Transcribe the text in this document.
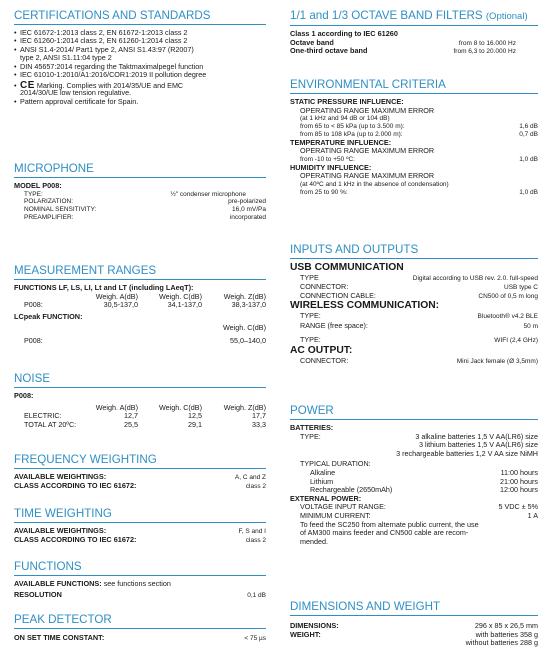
CERTIFICATIONS AND STANDARDS
• IEC 61672-1:2013 class 2, EN 61672-1:2013 class 2
• IEC 61260-1:2014 class 2, EN 61260-1:2014 class 2
• ANSI S1.4-2014/ Part1 type 2, ANSI S1.43:97 (R2007)
type 2, ANSI S1.11:04 type 2
• DIN 45657:2014 regarding the Taktmaximalpegel function
• IEC 61010-1:2010/A1:2016/COR1:2019 II pollution degree
• CE Marking. Complies with 2014/35/UE and EMC
2014/30/UE low tension regulative.
• Pattern approval certificate for Spain.
MICROPHONE
MODEL P008:
TYPE:	½" condenser microphone
POLARIZATION:	pre-polarized
NOMINAL SENSITIVITY:	16,0 mV/Pa
PREAMPLIFIER:	incorporated
MEASUREMENT RANGES
FUNCTIONS LF, LS, LI, Lt and LT (including LAeqT):
Weigh. A(dB)	Weigh. C(dB)	Weigh. Z(dB)
P008:	30,5-137,0	34,1-137,0	38,3-137,0
LCpeak FUNCTION:
Weigh. C(dB)
P008:	55,0–140,0
NOISE
P008:
Weigh. A(dB)	Weigh. C(dB)	Weigh. Z(dB)
ELECTRIC:	12,7	12,5	17,7
TOTAL AT 20ºC:	25,5	29,1	33,3
FREQUENCY WEIGHTING
AVAILABLE WEIGHTINGS:	A, C and Z
CLASS ACCORDING TO IEC 61672:	class 2
TIME WEIGHTING
AVAILABLE WEIGHTINGS:	F, S and I
CLASS ACCORDING TO IEC 61672:	class 2
FUNCTIONS
AVAILABLE FUNCTIONS: see functions section
RESOLUTION	0,1 dB
PEAK DETECTOR
ON SET TIME CONSTANT:	< 75 µs
1/1 and 1/3 OCTAVE BAND FILTERS (Optional)
Class 1 according to IEC 61260
Octave band	from 8 to 16.000 Hz
One-third octave band	from 6,3 to 20.000 Hz
ENVIRONMENTAL CRITERIA
STATIC PRESSURE INFLUENCE:
OPERATING RANGE MAXIMUM ERROR
(at 1 kHz and 94 dB or 104 dB)
from 65 to < 85 kPa (up to 3.500 m):	1,6 dB
from 85 to 108 kPa (up to 2.000 m):	0,7 dB
TEMPERATURE INFLUENCE:
OPERATING RANGE MAXIMUM ERROR
from -10 to +50 ºC:	1,0 dB
HUMIDITY INFLUENCE:
OPERATING RANGE MAXIMUM ERROR
(at 40ºC and 1 kHz in the absence of condensation)
from 25 to 90 %:	1,0 dB
INPUTS AND OUTPUTS
USB COMMUNICATION
TYPE	Digital according to USB rev. 2.0. full-speed
CONNECTOR:	USB type C
CONNECTION CABLE:	CN500 of 0,5 m long
WIRELESS COMMUNICATION:
TYPE:	Bluetooth® v4.2 BLE
RANGE (free space):	50 m
TYPE:	WIFI (2,4 GHz)
AC OUTPUT:
CONNECTOR:	Mini Jack female (Ø 3,5mm)
POWER
BATTERIES:
TYPE:	3 alkaline batteries 1,5 V AA(LR6) size
3 lithium batteries 1,5 V AA(LR6) size
3 rechargeable batteries 1,2 V AA size NiMH
TYPICAL DURATION:
Alkaline	11:00 hours
Lithium	21:00 hours
Rechargeable (2650mAh)	12:00 hours
EXTERNAL POWER:
VOLTAGE INPUT RANGE:	5 VDC ± 5%
MINIMUM CURRENT:	1 A
To feed the SC250 from alternate public current, the use
of AM300 mains feeder and CN500 cable are recom-
mended.
DIMENSIONS AND WEIGHT
DIMENSIONS:	296 x 85 x 26,5 mm
WEIGHT:	with batteries 358 g
without batteries 288 g
